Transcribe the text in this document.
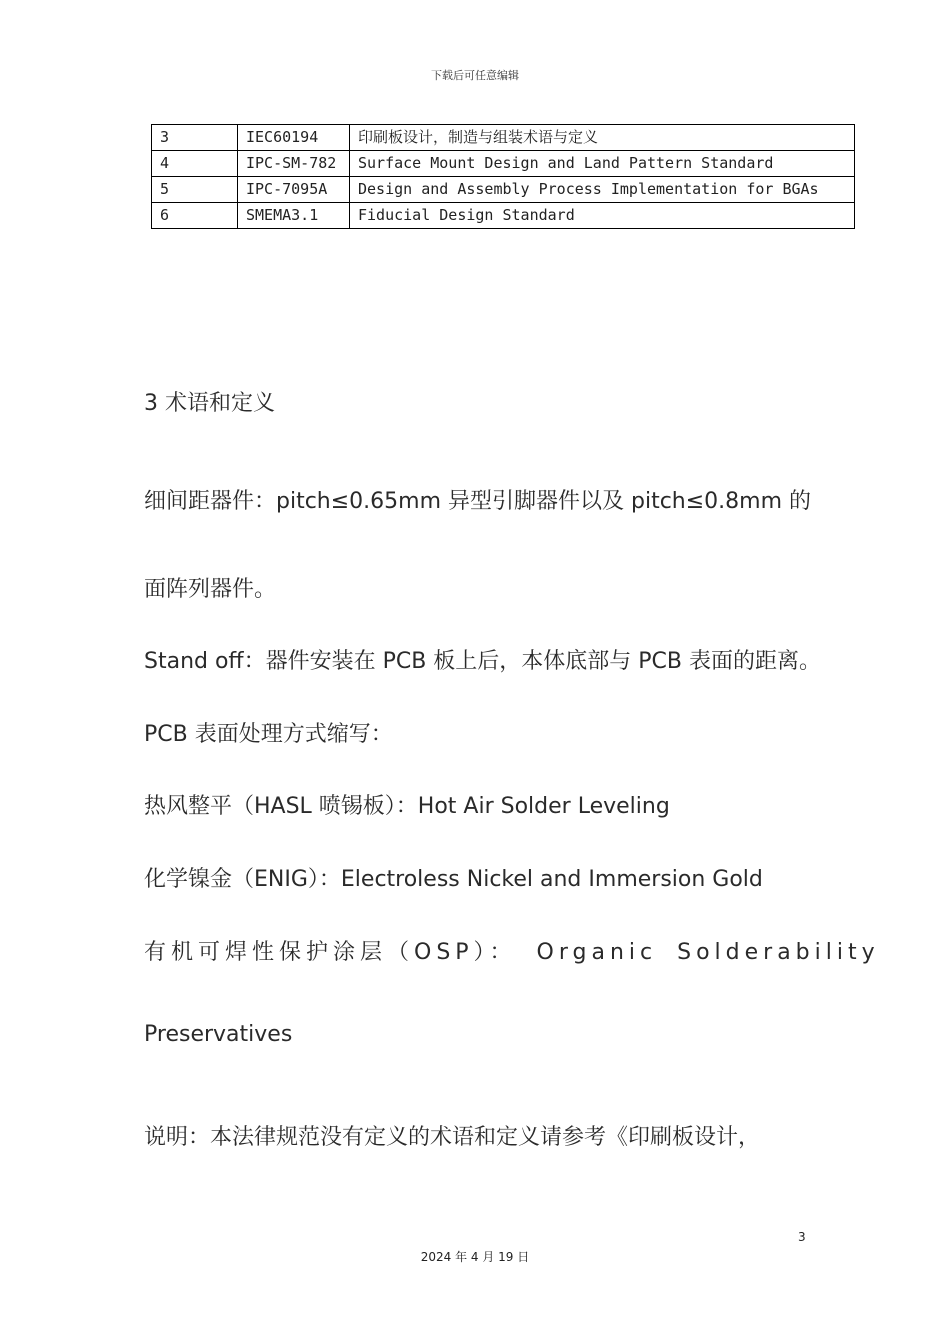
下载后可任意编辑
3	IEC60194	印刷板设计，制造与组装术语与定义
4	IPC-SM-782	Surface Mount Design and Land Pattern Standard
5	IPC-7095A	Design and Assembly Process Implementation for BGAs
6	SMEMA3.1	Fiducial Design Standard
3 术语和定义
细间距器件：pitch≤0.65mm 异型引脚器件以及 pitch≤0.8mm 的
面阵列器件。
Stand off：器件安装在 PCB 板上后，本体底部与 PCB 表面的距离。
PCB 表面处理方式缩写：
热风整平（HASL 喷锡板）：Hot Air Solder Leveling
化学镍金（ENIG）：Electroless Nickel and Immersion Gold
有机可焊性保护涂层（OSP）： Organic Solderability
Preservatives
说明：本法律规范没有定义的术语和定义请参考《印刷板设计，
3
2024 年 4 月 19 日
